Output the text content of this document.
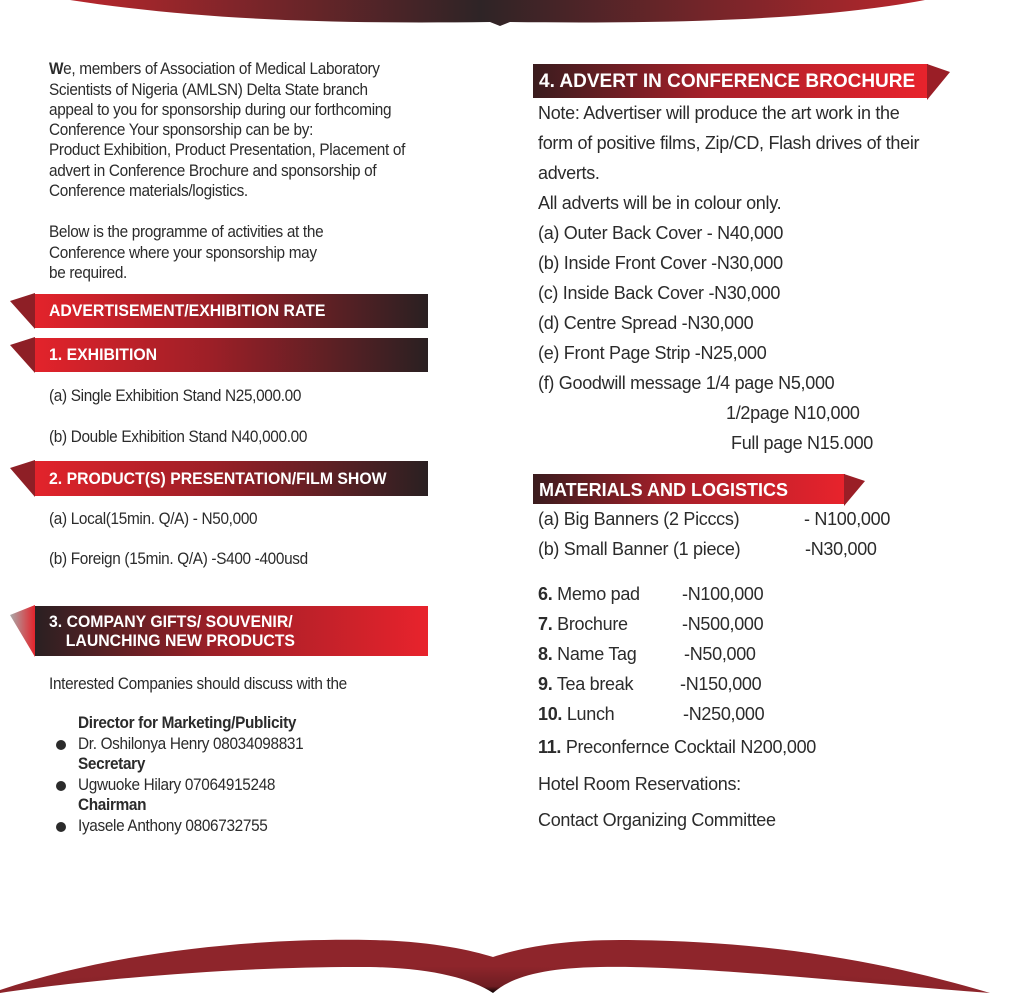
We, members of Association of Medical Laboratory
Scientists of Nigeria (AMLSN) Delta State branch
appeal to you for sponsorship during our forthcoming
Conference Your sponsorship can be by:
Product Exhibition, Product Presentation, Placement of
advert in Conference Brochure and sponsorship of
Conference materials/logistics.
Below is the programme of activities at the
Conference where your sponsorship may
be required.
ADVERTISEMENT/EXHIBITION RATE
1. EXHIBITION
(a) Single Exhibition Stand N25,000.00
(b) Double Exhibition Stand N40,000.00
2. PRODUCT(S) PRESENTATION/FILM SHOW
(a) Local(15min. Q/A) - N50,000
(b) Foreign (15min. Q/A) -S400 -400usd
3. COMPANY GIFTS/ SOUVENIR/
LAUNCHING NEW PRODUCTS
Interested Companies should discuss with the
Director for Marketing/Publicity
Dr. Oshilonya Henry 08034098831
Secretary
Ugwuoke Hilary 07064915248
Chairman
Iyasele Anthony 0806732755
4. ADVERT IN CONFERENCE BROCHURE
Note: Advertiser will produce the art work in the
form of positive films, Zip/CD, Flash drives of their
adverts.
All adverts will be in colour only.
(a) Outer Back Cover - N40,000
(b) Inside Front Cover -N30,000
(c) Inside Back Cover -N30,000
(d) Centre Spread -N30,000
(e) Front Page Strip -N25,000
(f) Goodwill message 1/4 page N5,000
1/2page N10,000
Full page N15.000
MATERIALS AND LOGISTICS
(a) Big Banners (2 Picccs)	- N100,000
(b) Small Banner (1 piece)	-N30,000
6. Memo pad -N100,000
7. Brochure	-N500,000
8. Name Tag	-N50,000
9. Tea break	-N150,000
10. Lunch	-N250,000
11. Preconfernce Cocktail N200,000
Hotel Room Reservations:
Contact Organizing Committee
